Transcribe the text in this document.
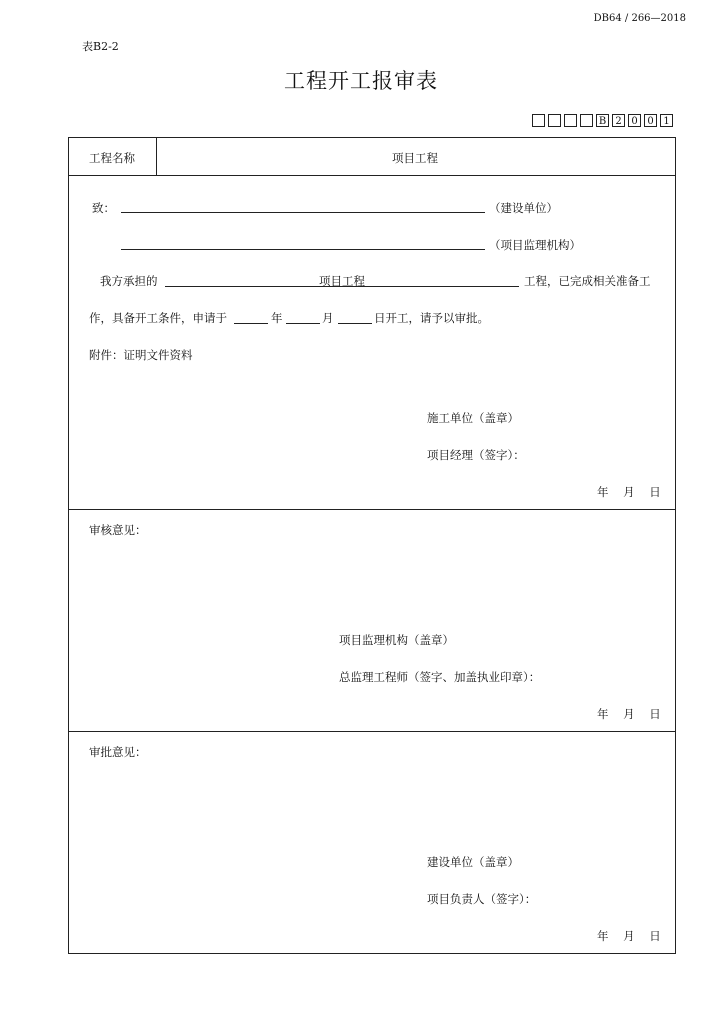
DB64 / 266—2018
表B2-2
工程开工报审表
B 2 0 0 1
工程名称	项目工程
致：	（建设单位）
（项目监理机构）
我方承担的	项目工程	工程，已完成相关准备工
作，具备开工条件，申请于	年	月	日开工，请予以审批。
附件：证明文件资料
施工单位（盖章）
项目经理（签字）：
年    月    日
审核意见：
项目监理机构（盖章）
总监理工程师（签字、加盖执业印章）：
年    月    日
审批意见：
建设单位（盖章）
项目负责人（签字）：
年    月    日
